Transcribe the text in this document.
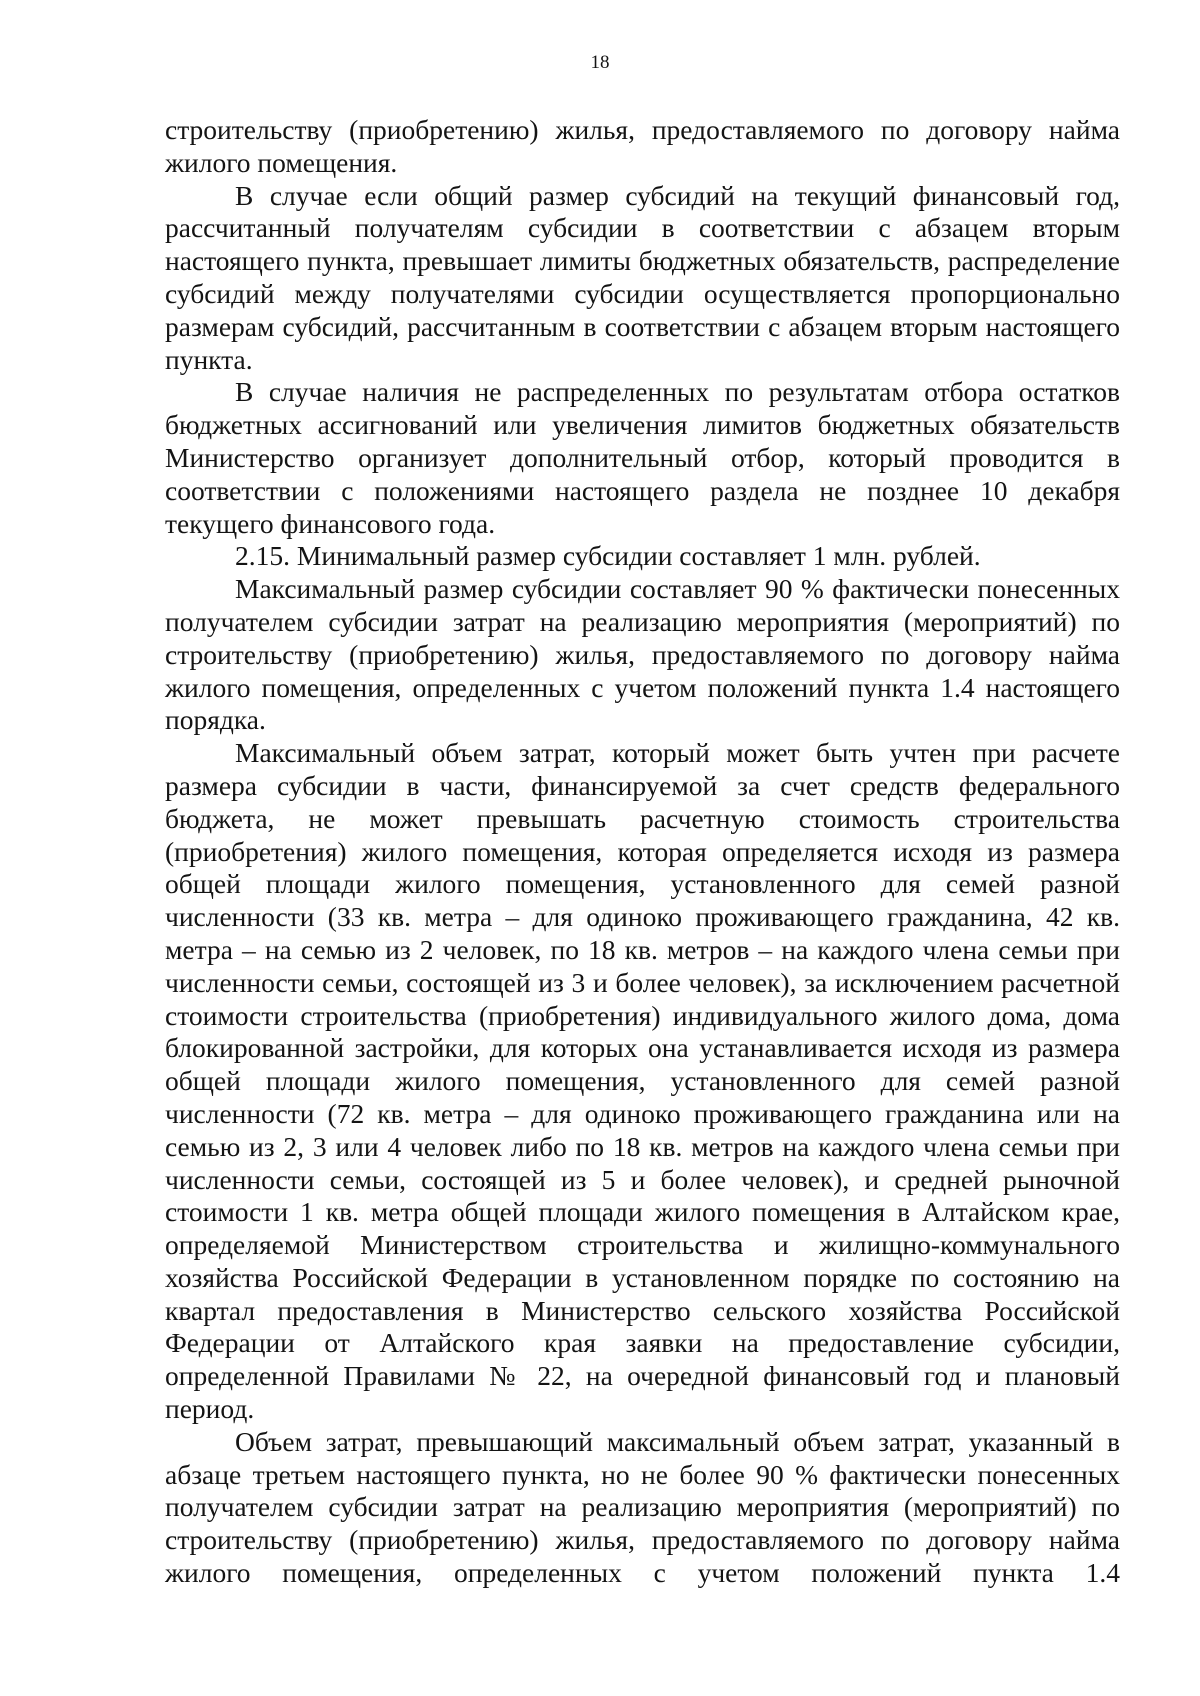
18

строительству (приобретению) жилья, предоставляемого по договору найма жилого помещения.

В случае если общий размер субсидий на текущий финансовый год, рассчитанный получателям субсидии в соответствии с абзацем вторым настоящего пункта, превышает лимиты бюджетных обязательств, распределение субсидий между получателями субсидии осуществляется пропорционально размерам субсидий, рассчитанным в соответствии с абзацем вторым настоящего пункта.

В случае наличия не распределенных по результатам отбора остатков бюджетных ассигнований или увеличения лимитов бюджетных обязательств Министерство организует дополнительный отбор, который проводится в соответствии с положениями настоящего раздела не позднее 10 декабря текущего финансового года.

2.15. Минимальный размер субсидии составляет 1 млн. рублей.

Максимальный размер субсидии составляет 90 % фактически понесенных получателем субсидии затрат на реализацию мероприятия (мероприятий) по строительству (приобретению) жилья, предоставляемого по договору найма жилого помещения, определенных с учетом положений пункта 1.4 настоящего порядка.

Максимальный объем затрат, который может быть учтен при расчете размера субсидии в части, финансируемой за счет средств федерального бюджета, не может превышать расчетную стоимость строительства (приобретения) жилого помещения, которая определяется исходя из размера общей площади жилого помещения, установленного для семей разной численности (33 кв. метра – для одиноко проживающего гражданина, 42 кв. метра – на семью из 2 человек, по 18 кв. метров – на каждого члена семьи при численности семьи, состоящей из 3 и более человек), за исключением расчетной стоимости строительства (приобретения) индивидуального жилого дома, дома блокированной застройки, для которых она устанавливается исходя из размера общей площади жилого помещения, установленного для семей разной численности (72 кв. метра – для одиноко проживающего гражданина или на семью из 2, 3 или 4 человек либо по 18 кв. метров на каждого члена семьи при численности семьи, состоящей из 5 и более человек), и средней рыночной стоимости 1 кв. метра общей площади жилого помещения в Алтайском крае, определяемой Министерством строительства и жилищно-коммунального хозяйства Российской Федерации в установленном порядке по состоянию на квартал предоставления в Министерство сельского хозяйства Российской Федерации от Алтайского края заявки на предоставление субсидии, определенной Правилами № 22, на очередной финансовый год и плановый период.

Объем затрат, превышающий максимальный объем затрат, указанный в абзаце третьем настоящего пункта, но не более 90 % фактически понесенных получателем субсидии затрат на реализацию мероприятия (мероприятий) по строительству (приобретению) жилья, предоставляемого по договору найма жилого помещения, определенных с учетом положений пункта 1.4
